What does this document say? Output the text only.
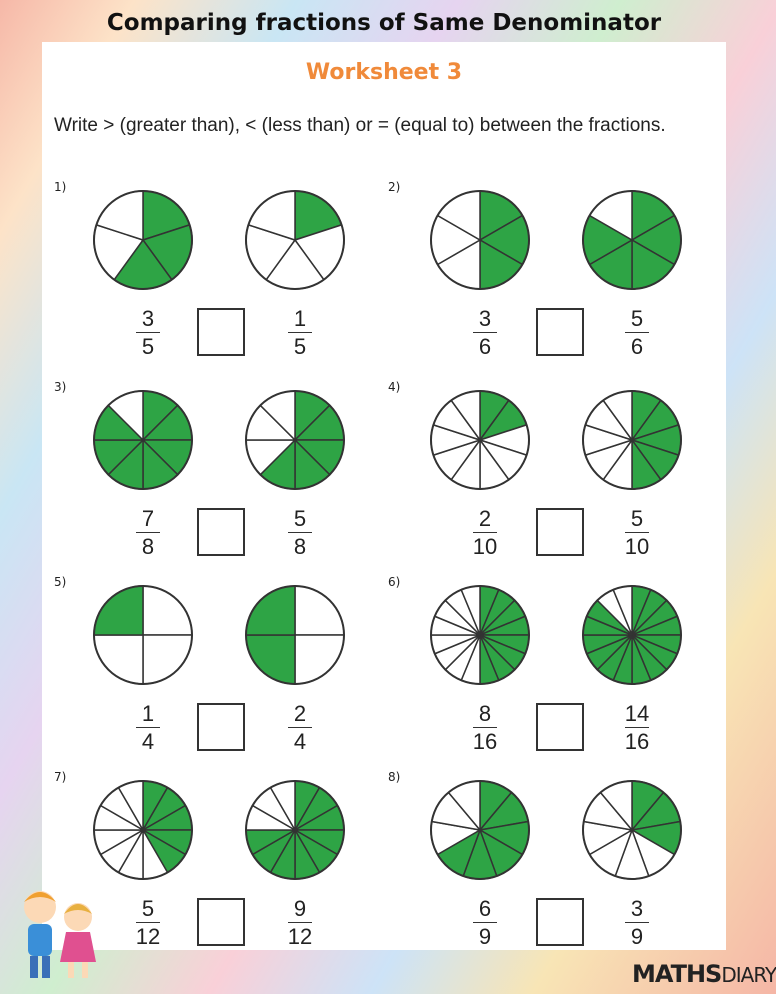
Comparing fractions of Same Denominator
Worksheet 3
Write > (greater than), < (less than) or = (equal to) between the fractions.
1)
3
5
1
5
2)
3
6
5
6
3)
7
8
5
8
4)
2
10
5
10
5)
1
4
2
4
6)
8
16
14
16
7)
5
12
9
12
8)
6
9
3
9
MATHSDIARY
